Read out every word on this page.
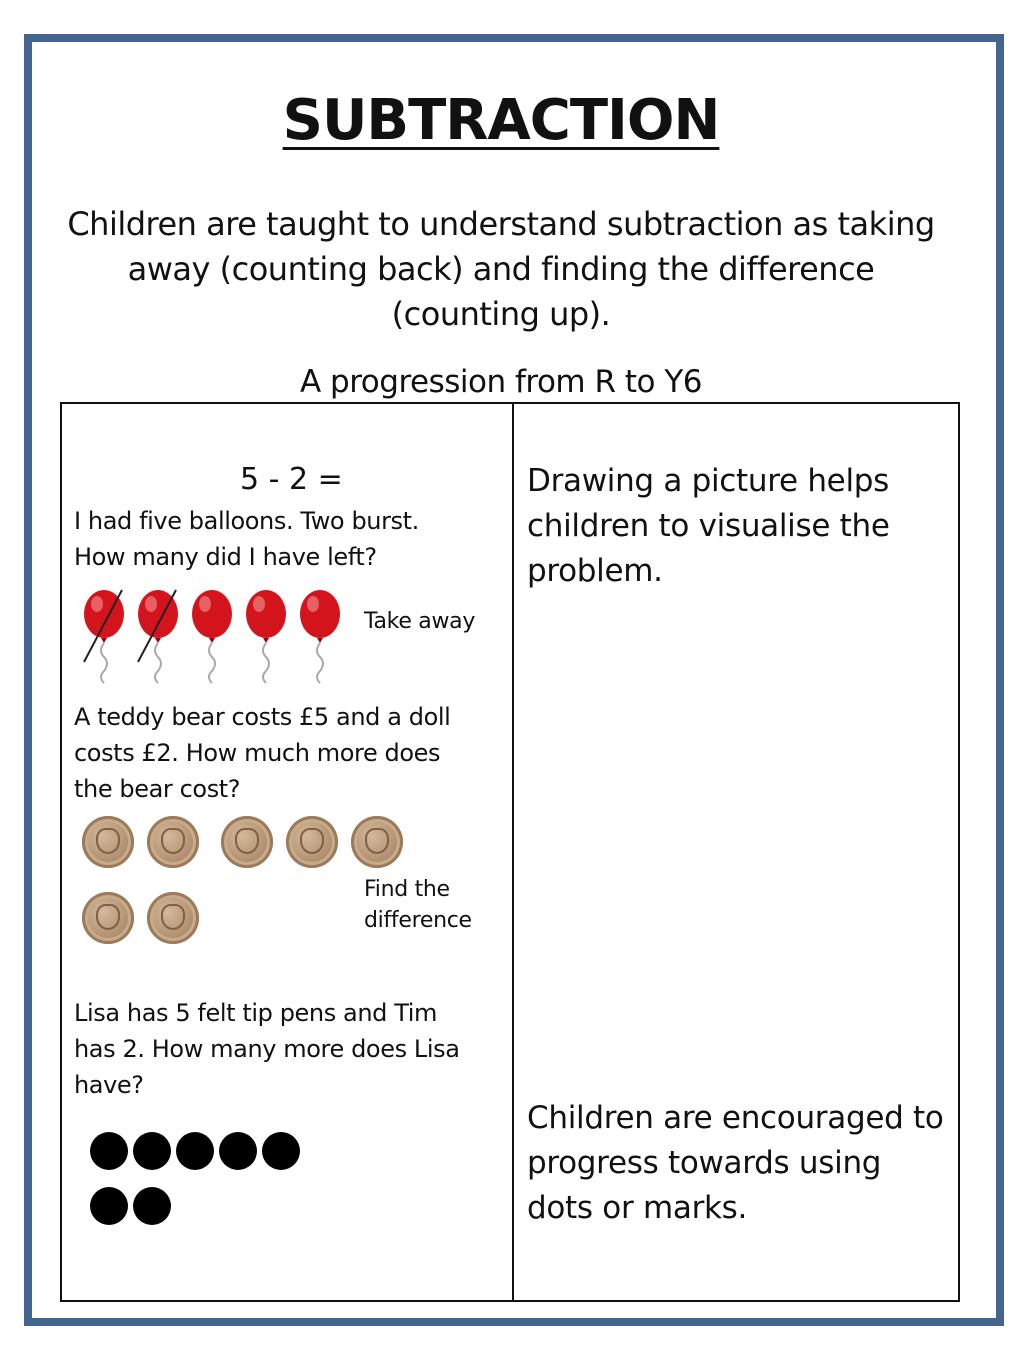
SUBTRACTION
Children are taught to understand subtraction as taking away (counting back) and finding the difference (counting up).
A progression from R to Y6
5 - 2 =
I had five balloons. Two burst.
How many did I have left?
Take away
A teddy bear costs £5 and a doll
costs £2. How much more does
the bear cost?
Find the
difference
Lisa has 5 felt tip pens and Tim
has 2. How many more does Lisa
have?
Drawing a picture helps
children to visualise the
problem.
Children are encouraged to
progress towards using
dots or marks.
